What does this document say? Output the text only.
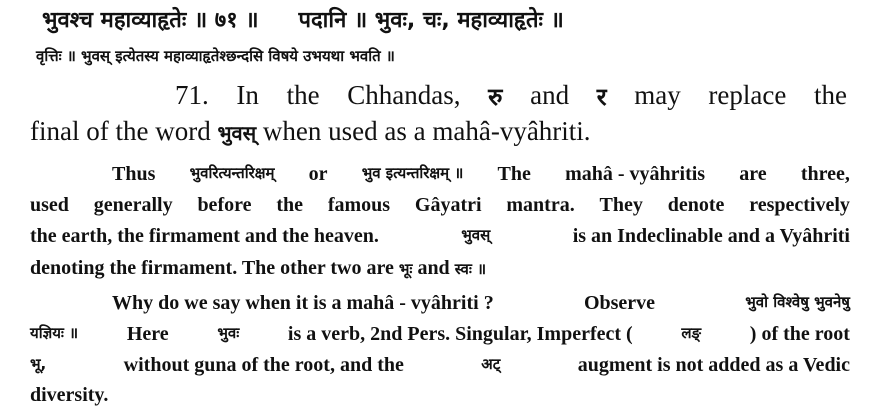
भुवश्च महाव्याहृतेः ॥ ७१ ॥ पदानि ॥ भुवः, चः, महाव्याहृतेः ॥
वृत्तिः ॥ भुवस् इत्येतस्य महाव्याहृतेश्छन्दसि विषये उभयथा भवति ॥
71. In the Chhandas, रु and र may replace the
final of the word भुवस् when used as a mahâ-vyâhriti.
Thus भुवरित्यन्तरिक्षम् or भुव इत्यन्तरिक्षम् ॥ The mahâ - vyâhritis are three,
used generally before the famous Gâyatri mantra. They denote respectively
the earth, the firmament and the heaven.	भुवस्	is an Indeclinable and a Vyâhriti
denoting the firmament. The other two are भूः and स्वः ॥
Why do we say when it is a mahâ - vyâhriti ?	Observe	भुवो विश्वेषु भुवनेषु
यज्ञियः ॥ Here	भुवः is a verb, 2nd Pers. Singular, Imperfect (	लङ् ) of the root
भू,	without guna of the root, and the	अट्	augment is not added as a Vedic
diversity.
